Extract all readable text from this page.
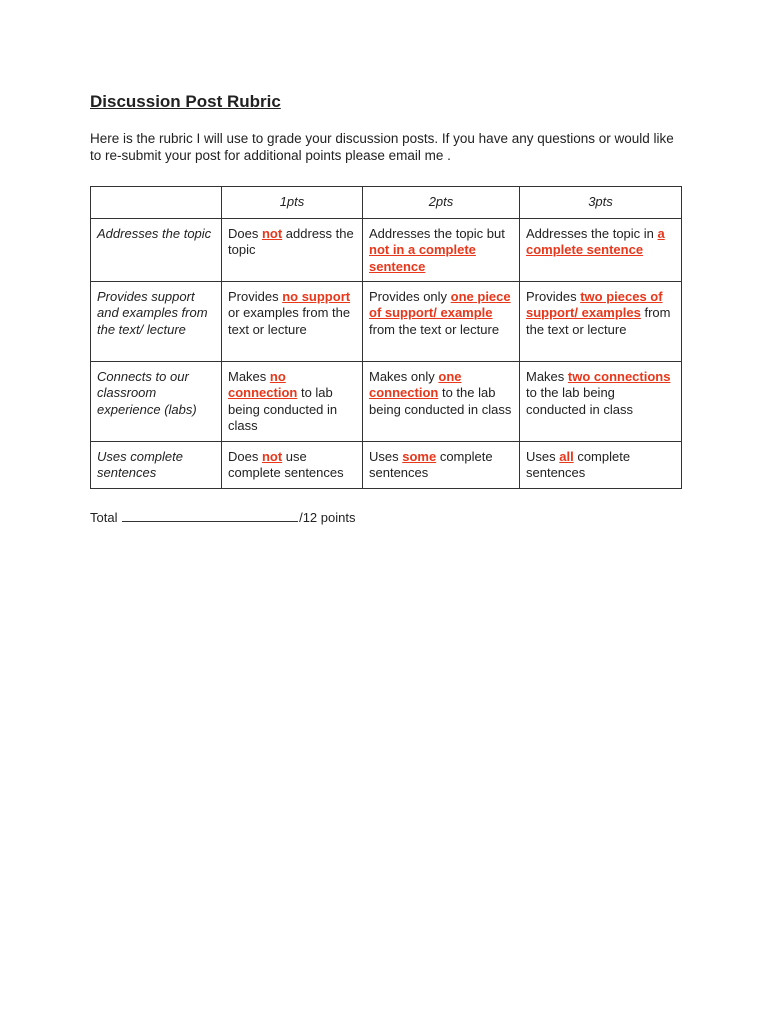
Discussion Post Rubric

Here is the rubric I will use to grade your discussion posts. If you have any questions or would like to re-submit your post for additional points please email me .

	1pts	2pts	3pts
Addresses the topic	Does not address the topic	Addresses the topic but not in a complete sentence	Addresses the topic in a complete sentence
Provides support and examples from the text/ lecture	Provides no support or examples from the text or lecture	Provides only one piece of support/ example from the text or lecture	Provides two pieces of support/ examples from the text or lecture
Connects to our classroom experience (labs)	Makes no connection to lab being conducted in class	Makes only one connection to the lab being conducted in class	Makes two connections to the lab being conducted in class
Uses complete sentences	Does not use complete sentences	Uses some complete sentences	Uses all complete sentences
Total	/12 points
